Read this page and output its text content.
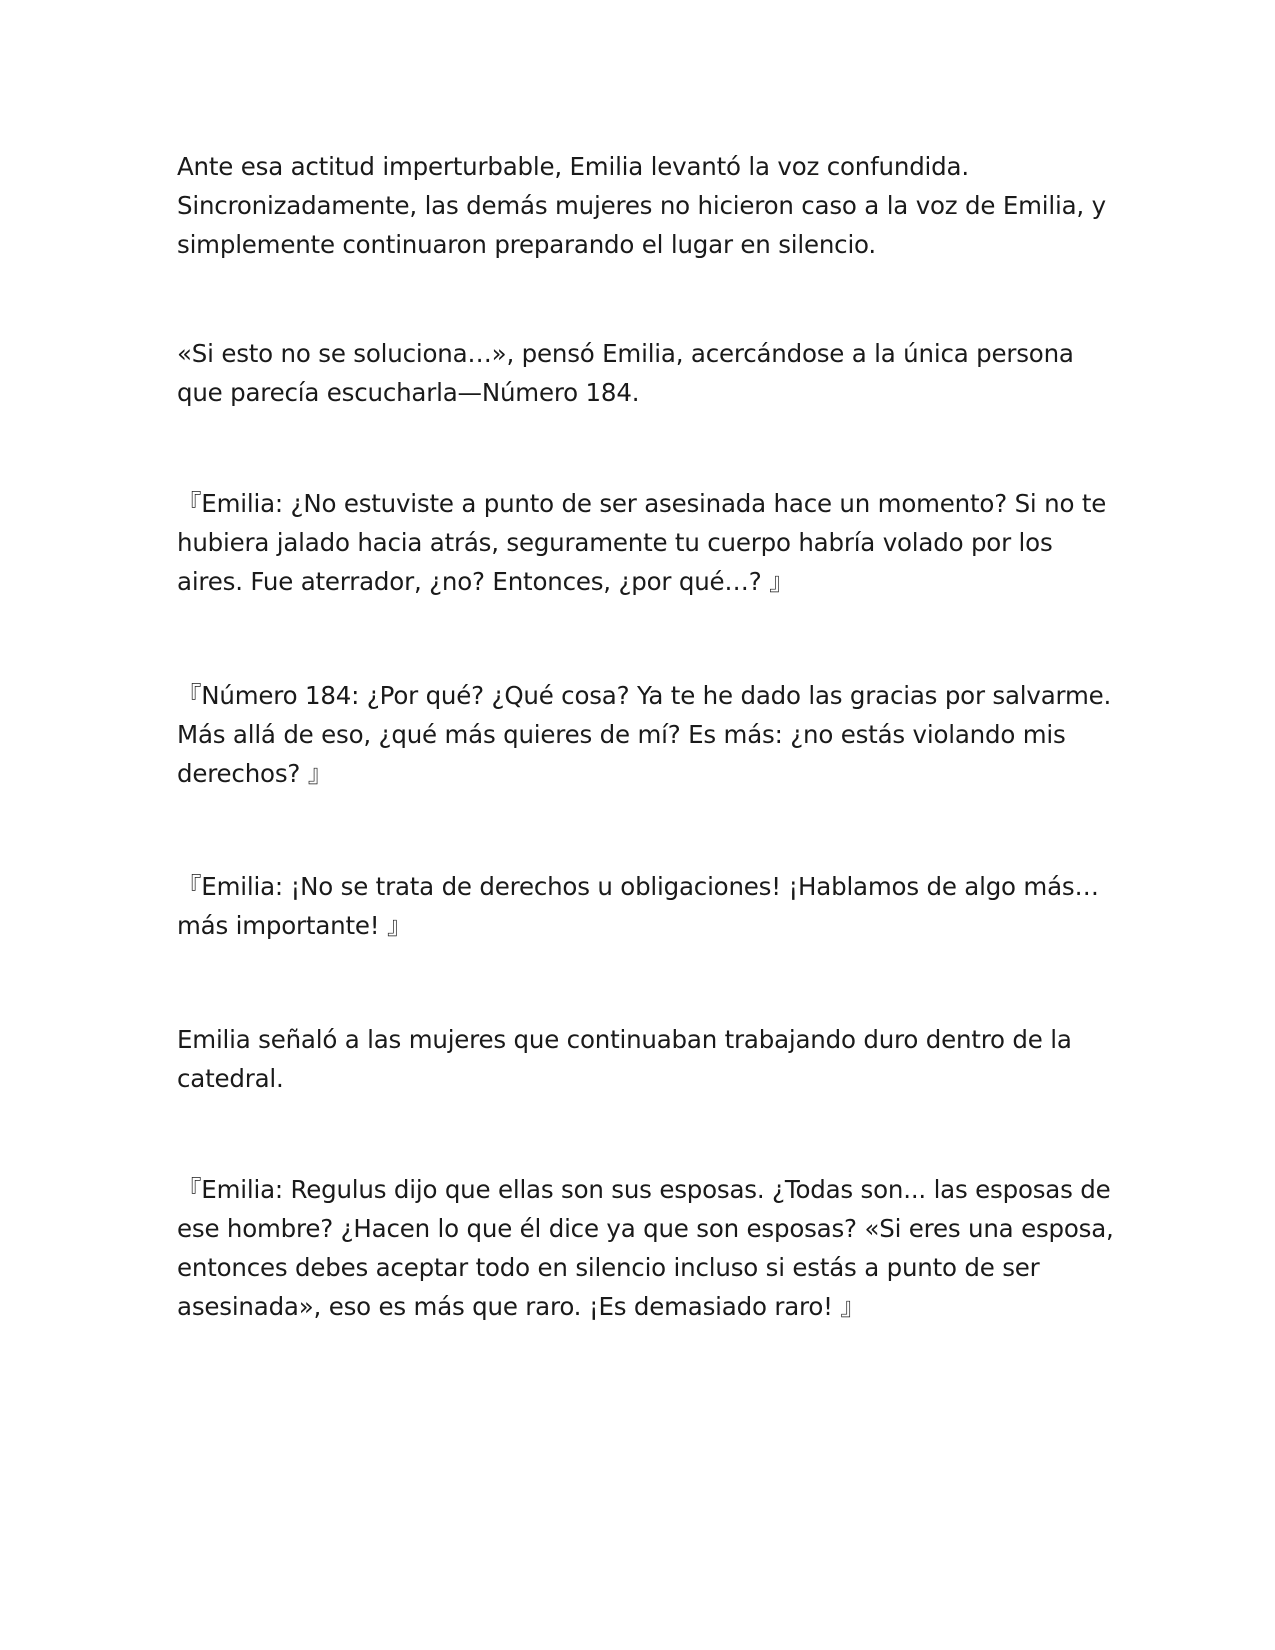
Ante esa actitud imperturbable, Emilia levantó la voz confundida. Sincronizadamente, las demás mujeres no hicieron caso a la voz de Emilia, y simplemente continuaron preparando el lugar en silencio.

«Si esto no se soluciona…», pensó Emilia, acercándose a la única persona que parecía escucharla—Número 184.

『Emilia: ¿No estuviste a punto de ser asesinada hace un momento? Si no te hubiera jalado hacia atrás, seguramente tu cuerpo habría volado por los aires. Fue aterrador, ¿no? Entonces, ¿por qué…? 』

『Número 184: ¿Por qué? ¿Qué cosa? Ya te he dado las gracias por salvarme. Más allá de eso, ¿qué más quieres de mí? Es más: ¿no estás violando mis derechos? 』

『Emilia: ¡No se trata de derechos u obligaciones! ¡Hablamos de algo más… más importante! 』

Emilia señaló a las mujeres que continuaban trabajando duro dentro de la catedral.

『Emilia: Regulus dijo que ellas son sus esposas. ¿Todas son... las esposas de ese hombre? ¿Hacen lo que él dice ya que son esposas? «Si eres una esposa, entonces debes aceptar todo en silencio incluso si estás a punto de ser asesinada», eso es más que raro. ¡Es demasiado raro! 』
